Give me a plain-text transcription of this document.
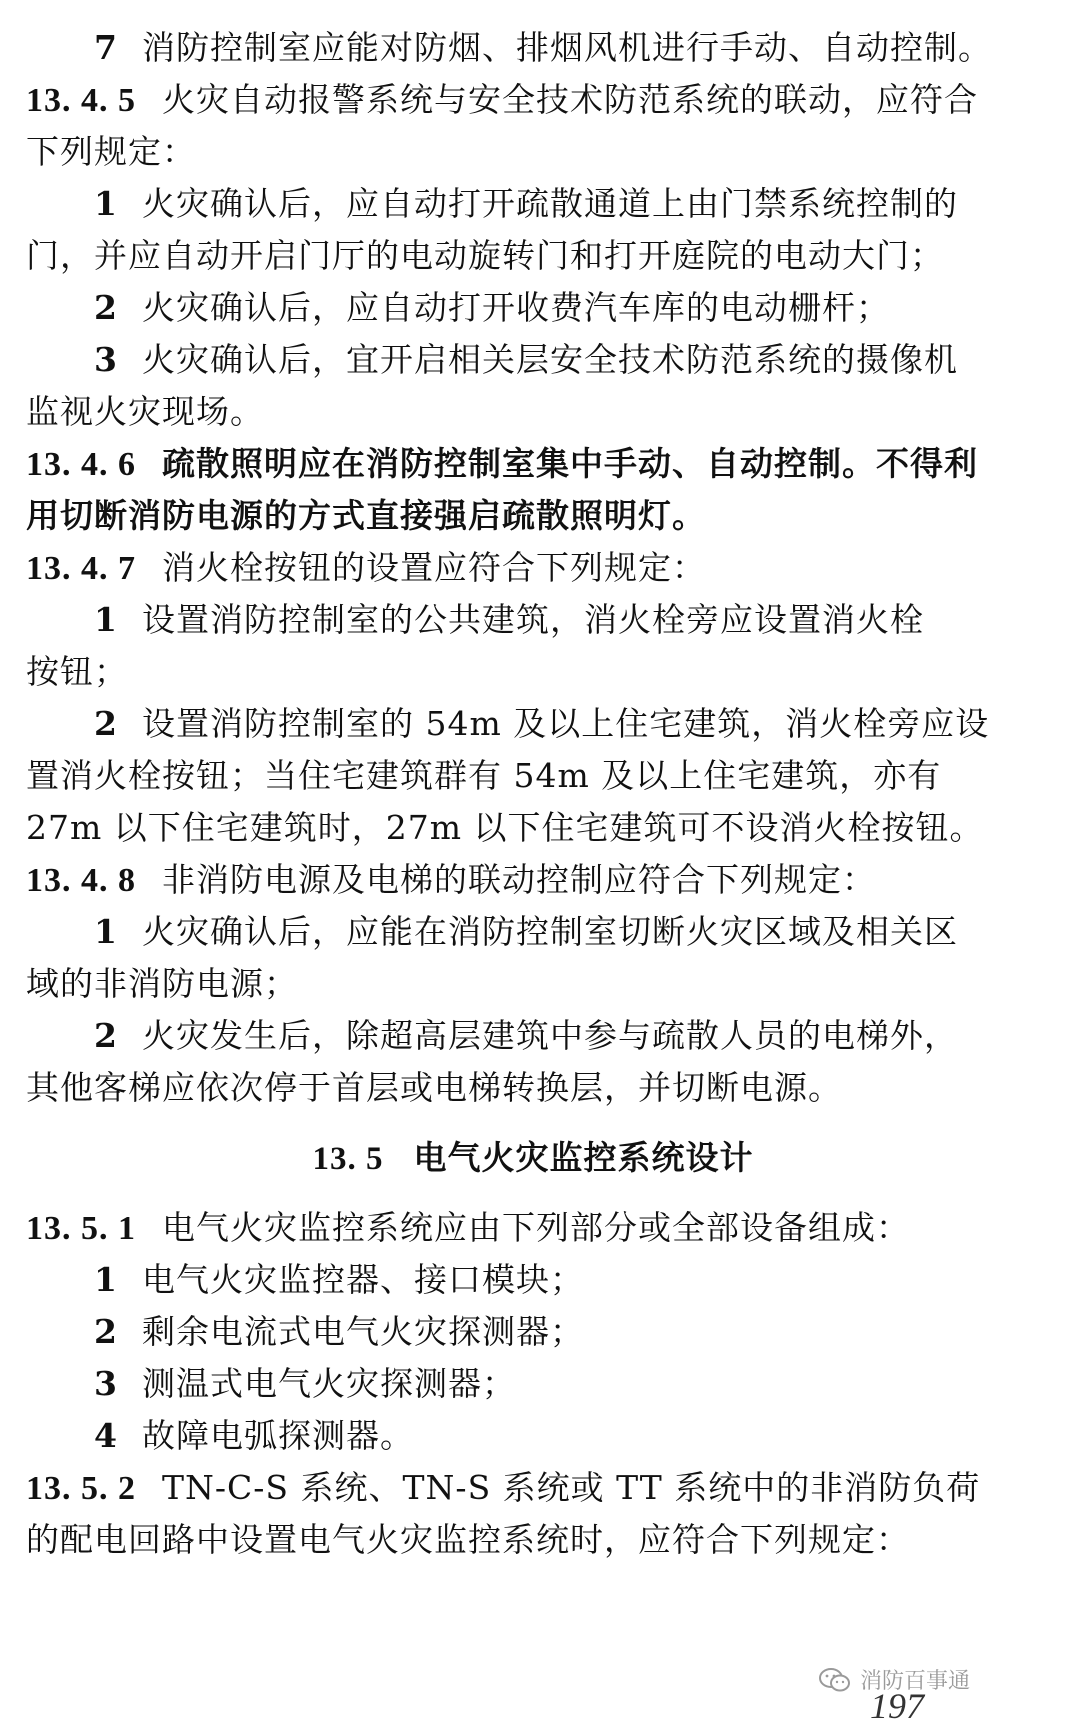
7 消防控制室应能对防烟、排烟风机进行手动、自动控制。
13. 4. 5 火灾自动报警系统与安全技术防范系统的联动，应符合
下列规定：
1 火灾确认后，应自动打开疏散通道上由门禁系统控制的
门，并应自动开启门厅的电动旋转门和打开庭院的电动大门；
2 火灾确认后，应自动打开收费汽车库的电动栅杆；
3 火灾确认后，宜开启相关层安全技术防范系统的摄像机
监视火灾现场。
13. 4. 6 疏散照明应在消防控制室集中手动、自动控制。不得利
用切断消防电源的方式直接强启疏散照明灯。
13. 4. 7 消火栓按钮的设置应符合下列规定：
1 设置消防控制室的公共建筑，消火栓旁应设置消火栓
按钮；
2 设置消防控制室的 54m 及以上住宅建筑，消火栓旁应设
置消火栓按钮；当住宅建筑群有 54m 及以上住宅建筑，亦有
27m 以下住宅建筑时，27m 以下住宅建筑可不设消火栓按钮。
13. 4. 8 非消防电源及电梯的联动控制应符合下列规定：
1 火灾确认后，应能在消防控制室切断火灾区域及相关区
域的非消防电源；
2 火灾发生后，除超高层建筑中参与疏散人员的电梯外，
其他客梯应依次停于首层或电梯转换层，并切断电源。
13. 5 电气火灾监控系统设计
13. 5. 1 电气火灾监控系统应由下列部分或全部设备组成：
1 电气火灾监控器、接口模块；
2 剩余电流式电气火灾探测器；
3 测温式电气火灾探测器；
4 故障电弧探测器。
13. 5. 2 TN-C-S 系统、TN-S 系统或 TT 系统中的非消防负荷
的配电回路中设置电气火灾监控系统时，应符合下列规定：
消防百事通
197
